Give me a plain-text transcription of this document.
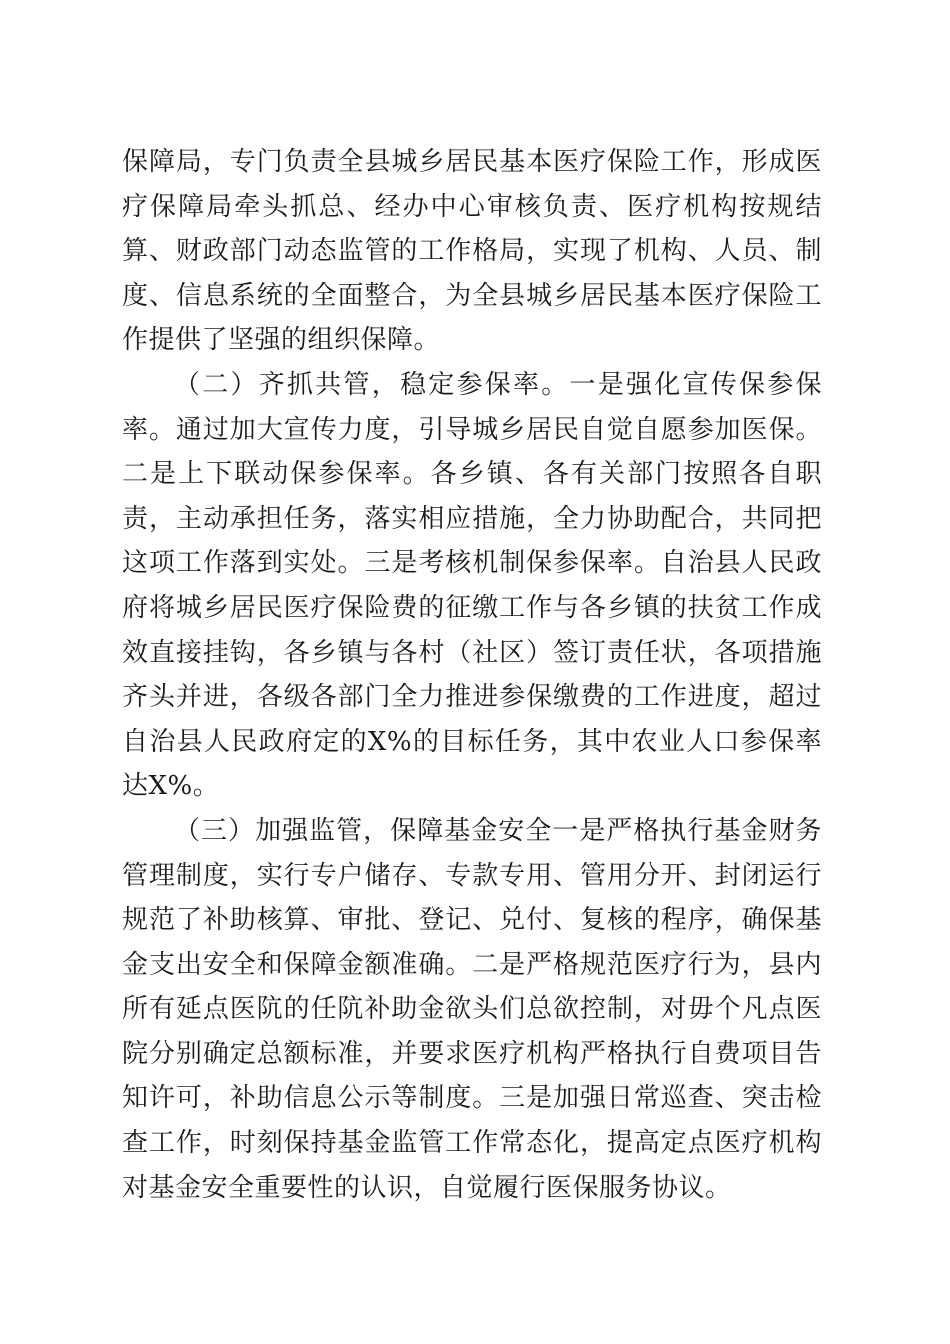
保障局，专门负责全县城乡居民基本医疗保险工作，形成医疗保障局牵头抓总、经办中心审核负责、医疗机构按规结算、财政部门动态监管的工作格局，实现了机构、人员、制度、信息系统的全面整合，为全县城乡居民基本医疗保险工作提供了坚强的组织保障。

（二）齐抓共管，稳定参保率。一是强化宣传保参保率。通过加大宣传力度，引导城乡居民自觉自愿参加医保。二是上下联动保参保率。各乡镇、各有关部门按照各自职责，主动承担任务，落实相应措施，全力协助配合，共同把这项工作落到实处。三是考核机制保参保率。自治县人民政府将城乡居民医疗保险费的征缴工作与各乡镇的扶贫工作成效直接挂钩，各乡镇与各村（社区）签订责任状，各项措施齐头并进，各级各部门全力推进参保缴费的工作进度，超过自治县人民政府定的X%的目标任务，其中农业人口参保率达X%。

（三）加强监管，保障基金安全一是严格执行基金财务管理制度，实行专户储存、专款专用、管用分开、封闭运行规范了补助核算、审批、登记、兑付、复核的程序，确保基金支出安全和保障金额准确。二是严格规范医疗行为，县内所有延点医阬的任阬补助金欲头们总欲控制，对毋个凡点医院分别确定总额标准，并要求医疗机构严格执行自费项目告知许可，补助信息公示等制度。三是加强日常巡查、突击检查工作，时刻保持基金监管工作常态化，提高定点医疗机构对基金安全重要性的认识，自觉履行医保服务协议。
